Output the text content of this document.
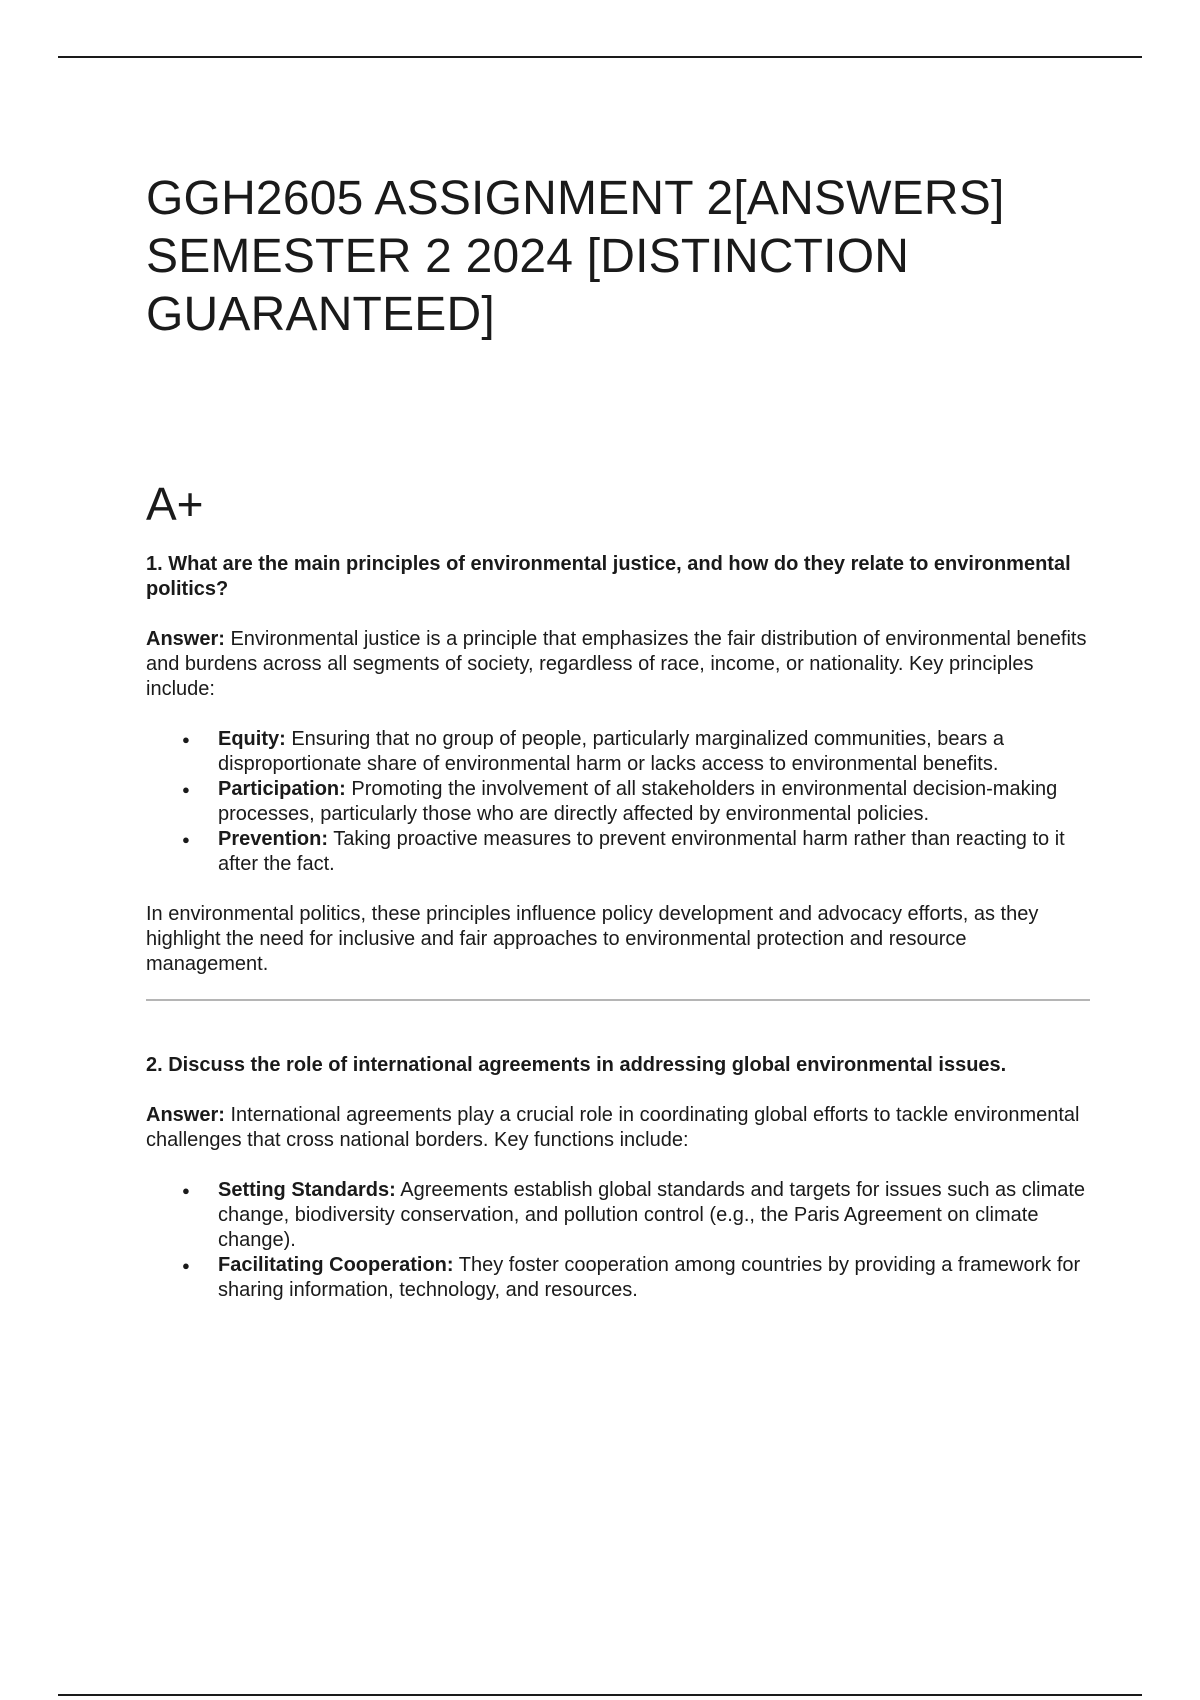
GGH2605 ASSIGNMENT 2[ANSWERS] SEMESTER 2 2024 [DISTINCTION GUARANTEED]
A+

1. What are the main principles of environmental justice, and how do they relate to environmental politics?

Answer: Environmental justice is a principle that emphasizes the fair distribution of environmental benefits and burdens across all segments of society, regardless of race, income, or nationality. Key principles include:

● Equity: Ensuring that no group of people, particularly marginalized communities, bears a disproportionate share of environmental harm or lacks access to environmental benefits.
● Participation: Promoting the involvement of all stakeholders in environmental decision-making processes, particularly those who are directly affected by environmental policies.
● Prevention: Taking proactive measures to prevent environmental harm rather than reacting to it after the fact.

In environmental politics, these principles influence policy development and advocacy efforts, as they highlight the need for inclusive and fair approaches to environmental protection and resource management.

2. Discuss the role of international agreements in addressing global environmental issues.

Answer: International agreements play a crucial role in coordinating global efforts to tackle environmental challenges that cross national borders. Key functions include:

● Setting Standards: Agreements establish global standards and targets for issues such as climate change, biodiversity conservation, and pollution control (e.g., the Paris Agreement on climate change).
● Facilitating Cooperation: They foster cooperation among countries by providing a framework for sharing information, technology, and resources.
